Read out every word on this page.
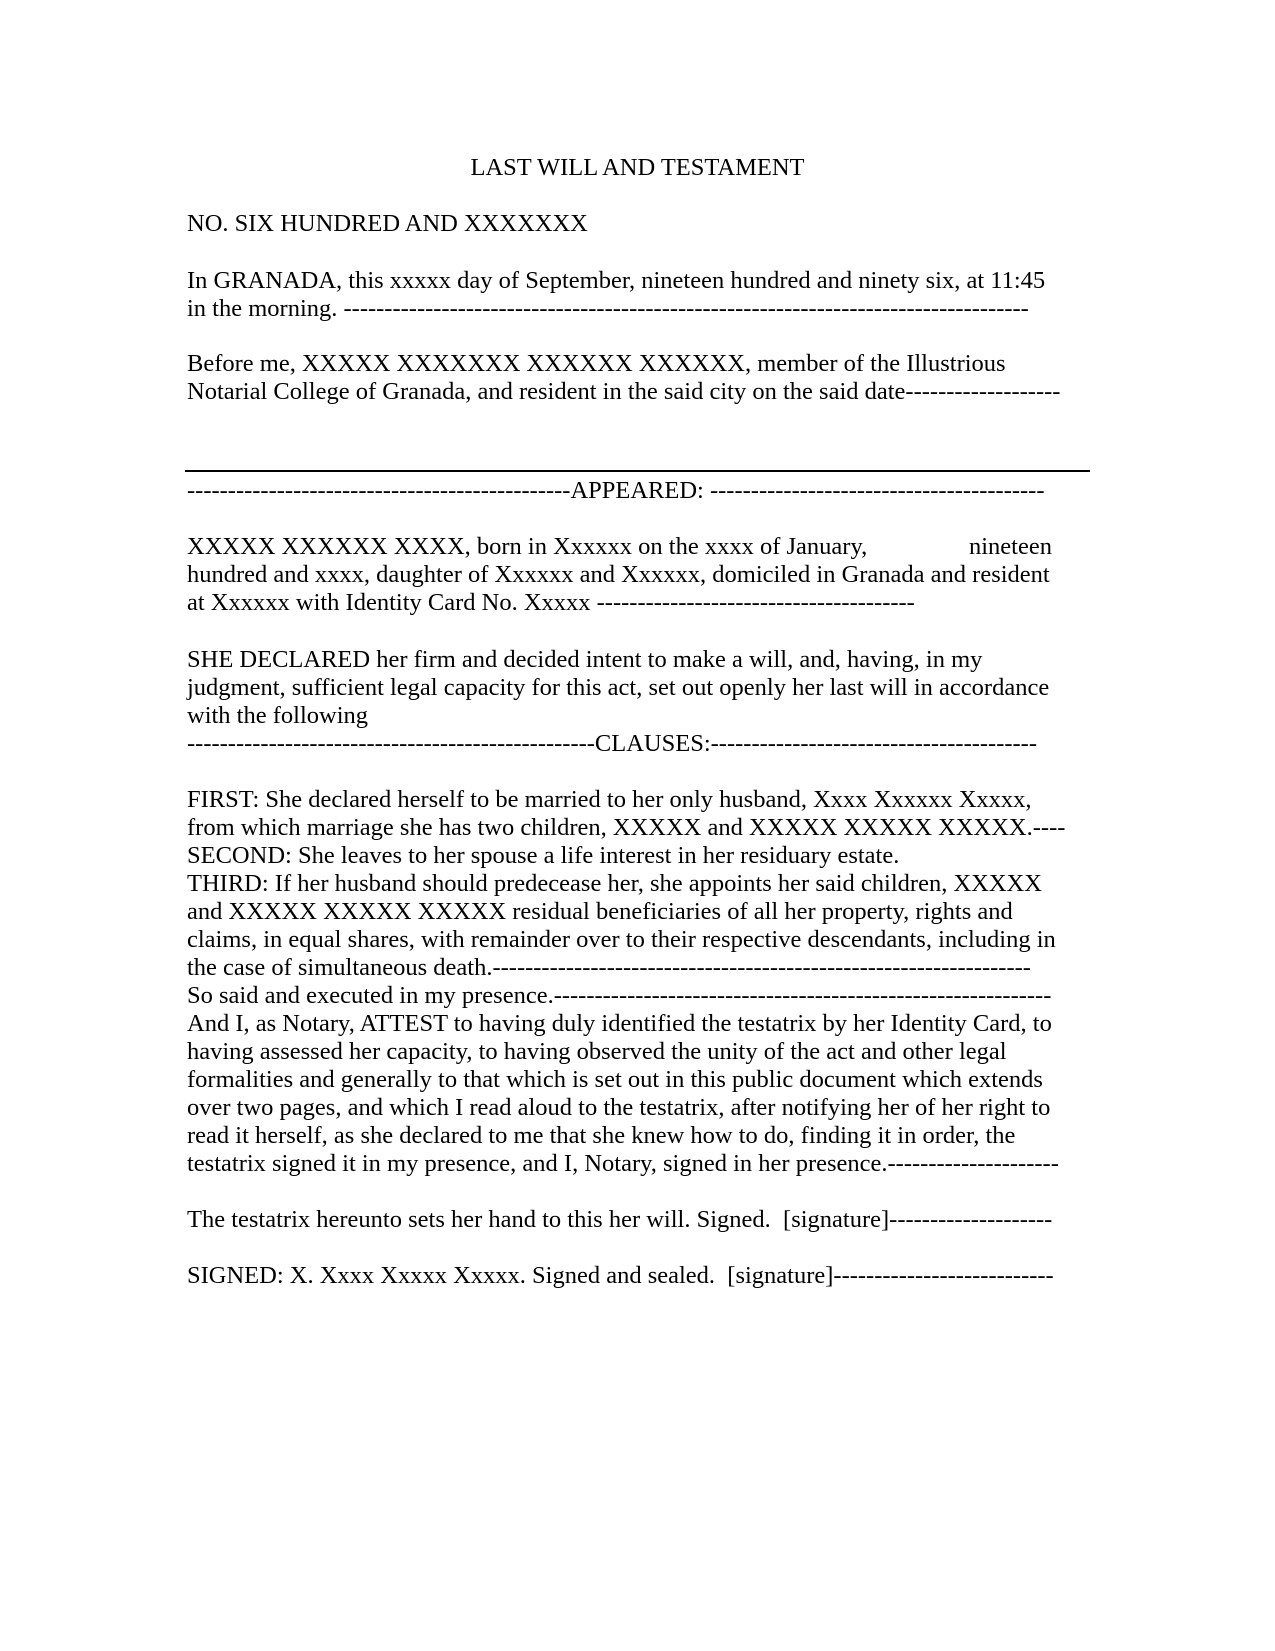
LAST WILL AND TESTAMENT

NO. SIX HUNDRED AND XXXXXXX

In GRANADA, this xxxxx day of September, nineteen hundred and ninety six, at 11:45

in the morning. ------------------------------------------------------------------------------------

Before me, XXXXX XXXXXXX XXXXXX XXXXXX, member of the Illustrious

Notarial College of Granada, and resident in the said city on the said date-------------------

-----------------------------------------------APPEARED: -----------------------------------------

XXXXX XXXXXX XXXX, born in Xxxxxx on the xxxx of January,	nineteen

hundred and xxxx, daughter of Xxxxxx and Xxxxxx, domiciled in Granada and resident

at Xxxxxx with Identity Card No. Xxxxx ---------------------------------------

SHE DECLARED her firm and decided intent to make a will, and, having, in my

judgment, sufficient legal capacity for this act, set out openly her last will in accordance

with the following

--------------------------------------------------CLAUSES:----------------------------------------

FIRST: She declared herself to be married to her only husband, Xxxx Xxxxxx Xxxxx,

from which marriage she has two children, XXXXX and XXXXX XXXXX XXXXX.----

SECOND: She leaves to her spouse a life interest in her residuary estate.

THIRD: If her husband should predecease her, she appoints her said children, XXXXX

and XXXXX XXXXX XXXXX residual beneficiaries of all her property, rights and

claims, in equal shares, with remainder over to their respective descendants, including in

the case of simultaneous death.------------------------------------------------------------------

So said and executed in my presence.-------------------------------------------------------------

And I, as Notary, ATTEST to having duly identified the testatrix by her Identity Card, to

having assessed her capacity, to having observed the unity of the act and other legal

formalities and generally to that which is set out in this public document which extends

over two pages, and which I read aloud to the testatrix, after notifying her of her right to

read it herself, as she declared to me that she knew how to do, finding it in order, the

testatrix signed it in my presence, and I, Notary, signed in her presence.---------------------

The testatrix hereunto sets her hand to this her will. Signed.  [signature]--------------------

SIGNED: X. Xxxx Xxxxx Xxxxx. Signed and sealed.  [signature]---------------------------
